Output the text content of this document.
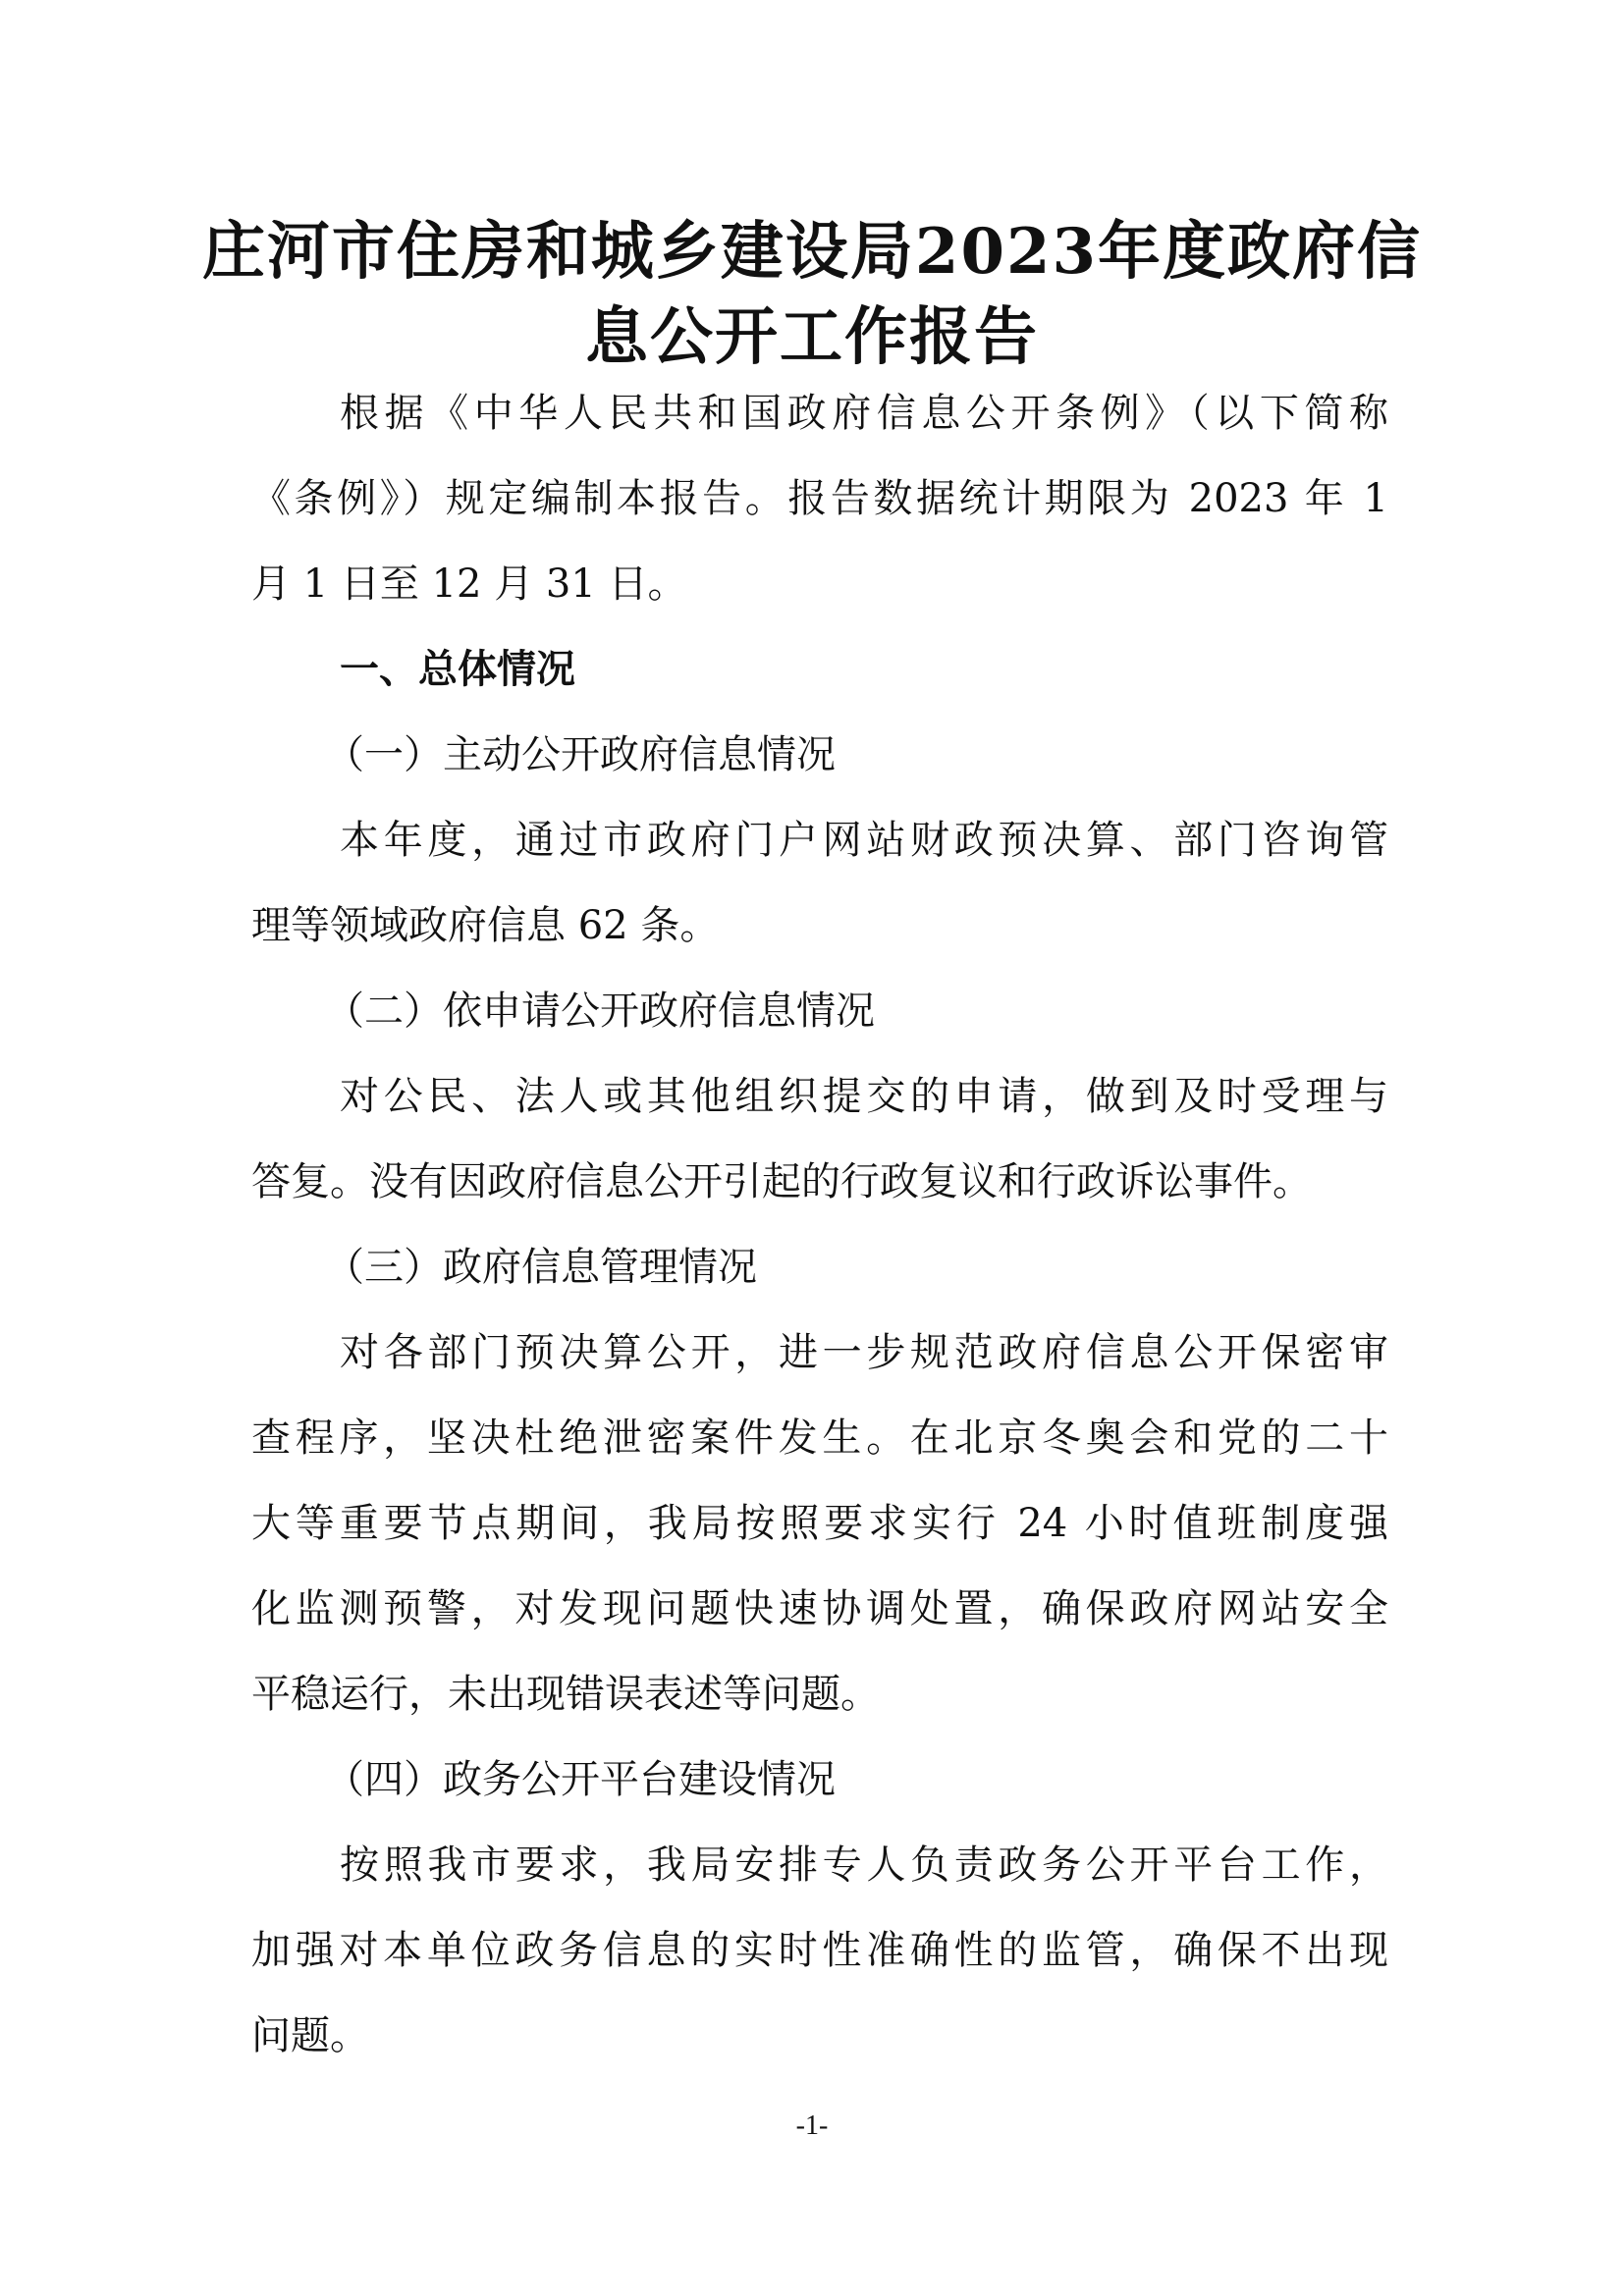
庄河市住房和城乡建设局2023年度政府信
息公开工作报告
根据《中华人民共和国政府信息公开条例》（以下简称
《条例》）规定编制本报告。报告数据统计期限为 2023 年 1
月 1 日至 12 月 31 日。
一、总体情况
（一）主动公开政府信息情况
本年度，通过市政府门户网站财政预决算、部门咨询管
理等领域政府信息 62 条。
（二）依申请公开政府信息情况
对公民、法人或其他组织提交的申请，做到及时受理与
答复。没有因政府信息公开引起的行政复议和行政诉讼事件。
（三）政府信息管理情况
对各部门预决算公开，进一步规范政府信息公开保密审
查程序，坚决杜绝泄密案件发生。在北京冬奥会和党的二十
大等重要节点期间，我局按照要求实行 24 小时值班制度强
化监测预警，对发现问题快速协调处置，确保政府网站安全
平稳运行，未出现错误表述等问题。
（四）政务公开平台建设情况
按照我市要求，我局安排专人负责政务公开平台工作，
加强对本单位政务信息的实时性准确性的监管，确保不出现
问题。
-1-
